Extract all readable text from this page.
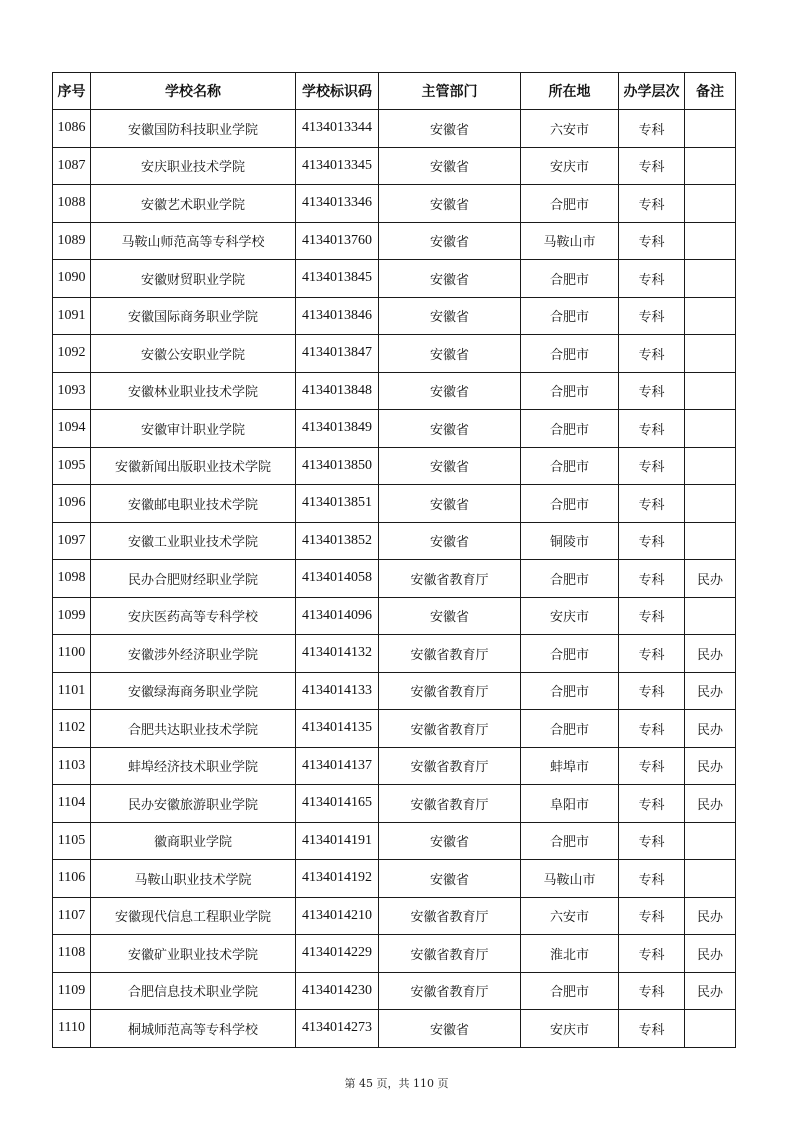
序号	学校名称	学校标识码	主管部门	所在地	办学层次	备注
1086	安徽国防科技职业学院	4134013344	安徽省	六安市	专科	
1087	安庆职业技术学院	4134013345	安徽省	安庆市	专科	
1088	安徽艺术职业学院	4134013346	安徽省	合肥市	专科	
1089	马鞍山师范高等专科学校	4134013760	安徽省	马鞍山市	专科	
1090	安徽财贸职业学院	4134013845	安徽省	合肥市	专科	
1091	安徽国际商务职业学院	4134013846	安徽省	合肥市	专科	
1092	安徽公安职业学院	4134013847	安徽省	合肥市	专科	
1093	安徽林业职业技术学院	4134013848	安徽省	合肥市	专科	
1094	安徽审计职业学院	4134013849	安徽省	合肥市	专科	
1095	安徽新闻出版职业技术学院	4134013850	安徽省	合肥市	专科	
1096	安徽邮电职业技术学院	4134013851	安徽省	合肥市	专科	
1097	安徽工业职业技术学院	4134013852	安徽省	铜陵市	专科	
1098	民办合肥财经职业学院	4134014058	安徽省教育厅	合肥市	专科	民办
1099	安庆医药高等专科学校	4134014096	安徽省	安庆市	专科	
1100	安徽涉外经济职业学院	4134014132	安徽省教育厅	合肥市	专科	民办
1101	安徽绿海商务职业学院	4134014133	安徽省教育厅	合肥市	专科	民办
1102	合肥共达职业技术学院	4134014135	安徽省教育厅	合肥市	专科	民办
1103	蚌埠经济技术职业学院	4134014137	安徽省教育厅	蚌埠市	专科	民办
1104	民办安徽旅游职业学院	4134014165	安徽省教育厅	阜阳市	专科	民办
1105	徽商职业学院	4134014191	安徽省	合肥市	专科	
1106	马鞍山职业技术学院	4134014192	安徽省	马鞍山市	专科	
1107	安徽现代信息工程职业学院	4134014210	安徽省教育厅	六安市	专科	民办
1108	安徽矿业职业技术学院	4134014229	安徽省教育厅	淮北市	专科	民办
1109	合肥信息技术职业学院	4134014230	安徽省教育厅	合肥市	专科	民办
1110	桐城师范高等专科学校	4134014273	安徽省	安庆市	专科	
第 45 页，共 110 页
